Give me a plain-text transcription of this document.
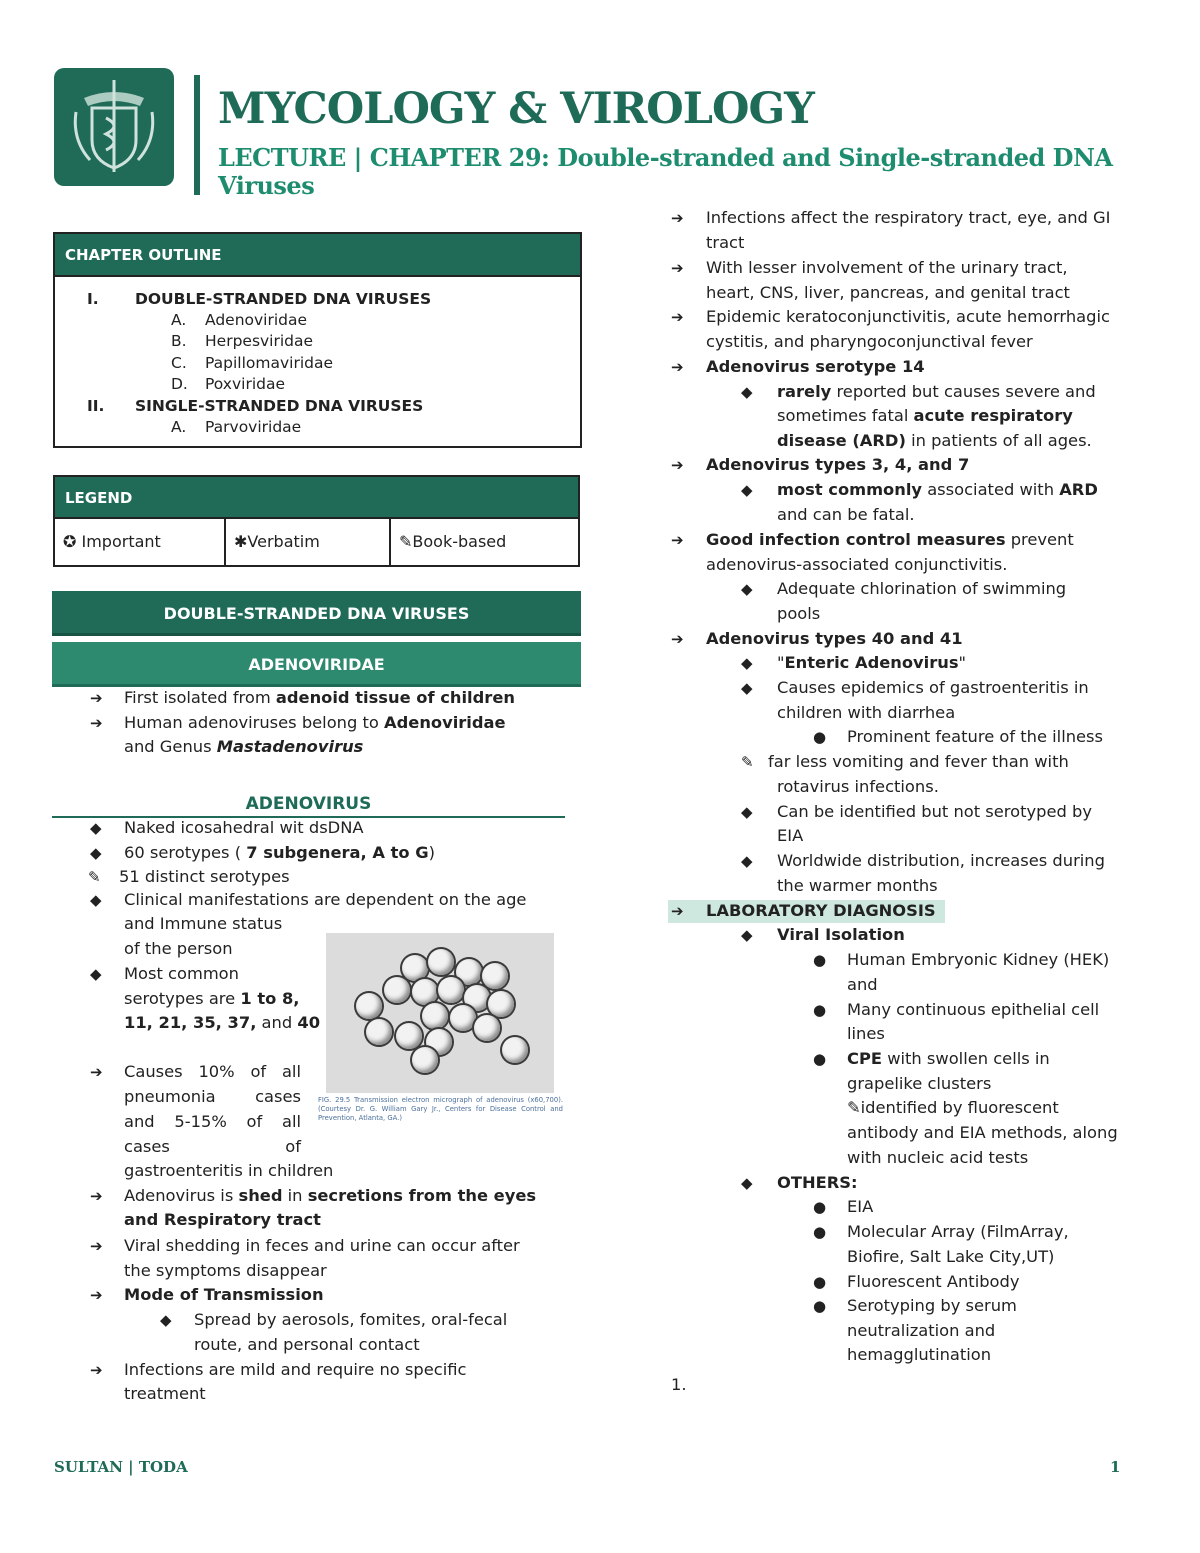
MYCOLOGY & VIROLOGY
LECTURE | CHAPTER 29: Double-stranded and Single-stranded DNA Viruses
CHAPTER OUTLINE
I. DOUBLE-STRANDED DNA VIRUSES
A. Adenoviridae
B. Herpesviridae
C. Papillomaviridae
D. Poxviridae
II. SINGLE-STRANDED DNA VIRUSES
A. Parvoviridae
LEGEND
✪ Important	✱Verbatim	✎Book-based
DOUBLE-STRANDED DNA VIRUSES
ADENOVIRIDAE
➔ First isolated from adenoid tissue of children
➔ Human adenoviruses belong to Adenoviridae
and Genus Mastadenovirus
ADENOVIRUS
◆ Naked icosahedral wit dsDNA
◆ 60 serotypes ( 7 subgenera, A to G)
✎ 51 distinct serotypes
◆ Clinical manifestations are dependent on the age
and Immune status
of the person
◆ Most common
serotypes are 1 to 8,
11, 21, 35, 37, and 40
➔ Causes 10% of all
pneumonia cases
and 5-15% of all
cases	of
gastroenteritis in children
➔ Adenovirus is shed in secretions from the eyes
and Respiratory tract
➔ Viral shedding in feces and urine can occur after
the symptoms disappear
➔ Mode of Transmission
◆ Spread by aerosols, fomites, oral-fecal
route, and personal contact
➔ Infections are mild and require no specific
treatment
FIG. 29.5 Transmission electron micrograph of adenovirus (x60,700). (Courtesy Dr. G. William Gary Jr., Centers for Disease Control and Prevention, Atlanta, GA.)
➔ Infections affect the respiratory tract, eye, and GI
tract
➔ With lesser involvement of the urinary tract,
heart, CNS, liver, pancreas, and genital tract
➔ Epidemic keratoconjunctivitis, acute hemorrhagic
cystitis, and pharyngoconjunctival fever
➔ Adenovirus serotype 14
◆ rarely reported but causes severe and
sometimes fatal acute respiratory
disease (ARD) in patients of all ages.
➔ Adenovirus types 3, 4, and 7
◆ most commonly associated with ARD
and can be fatal.
➔ Good infection control measures prevent
adenovirus-associated conjunctivitis.
◆ Adequate chlorination of swimming
pools
➔ Adenovirus types 40 and 41
◆ "Enteric Adenovirus"
◆ Causes epidemics of gastroenteritis in
children with diarrhea
● Prominent feature of the illness
✎ far less vomiting and fever than with
rotavirus infections.
◆ Can be identified but not serotyped by
EIA
◆ Worldwide distribution, increases during
the warmer months
➔ LABORATORY DIAGNOSIS
◆ Viral Isolation
● Human Embryonic Kidney (HEK)
and
● Many continuous epithelial cell
lines
● CPE with swollen cells in
grapelike clusters
✎identified by fluorescent
antibody and EIA methods, along
with nucleic acid tests
◆ OTHERS:
● EIA
● Molecular Array (FilmArray,
Biofire, Salt Lake City,UT)
● Fluorescent Antibody
● Serotyping by serum
neutralization and
hemagglutination
1.
SULTAN | TODA	1
